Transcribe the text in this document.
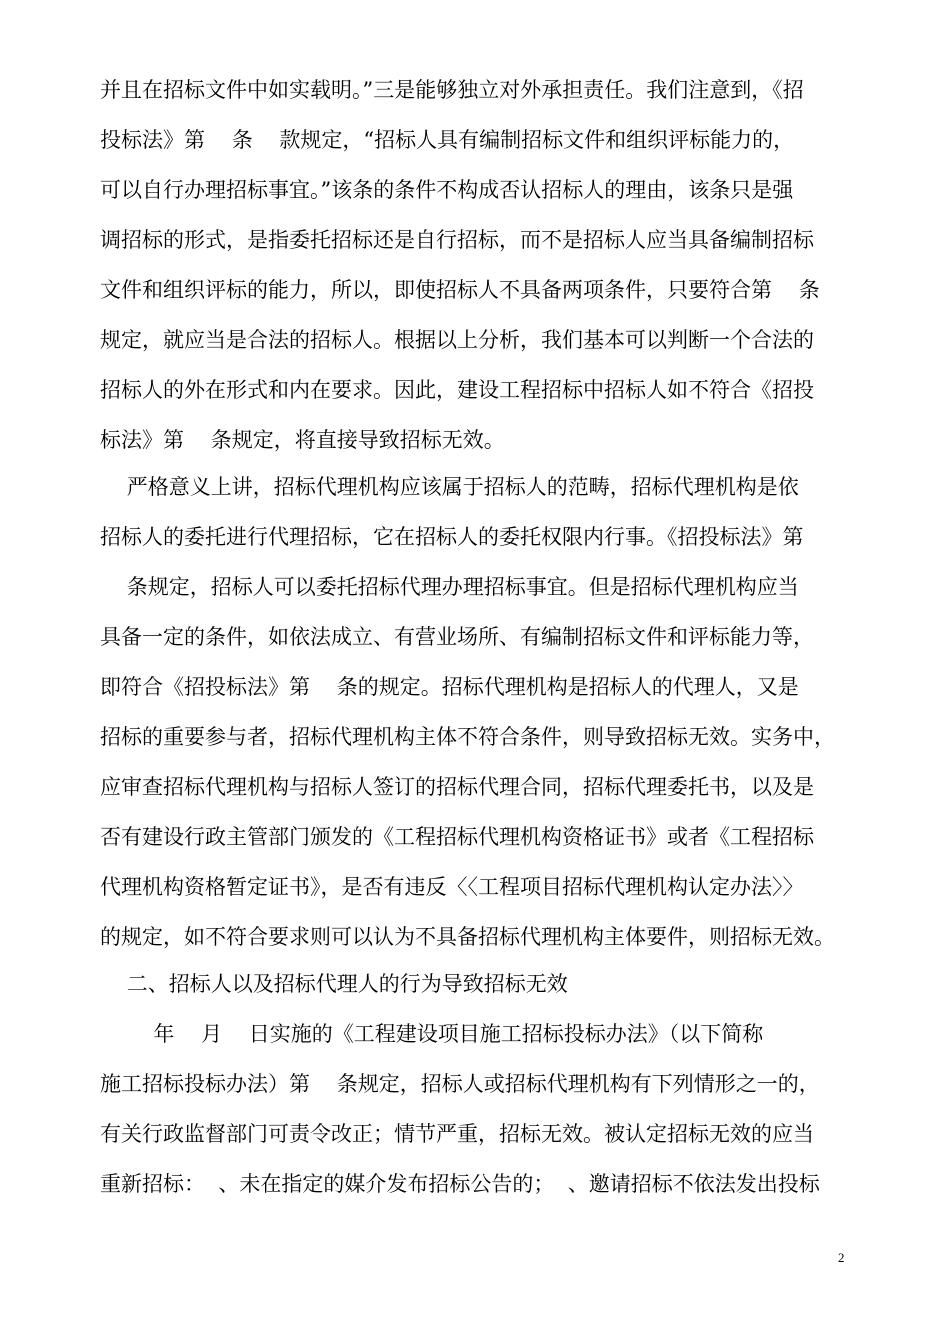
并且在招标文件中如实载明。”三是能够独立对外承担责任。我们注意到，《招
投标法》第    条    款规定，“招标人具有编制招标文件和组织评标能力的，
可以自行办理招标事宜。”该条的条件不构成否认招标人的理由，该条只是强
调招标的形式，是指委托招标还是自行招标，而不是招标人应当具备编制招标
文件和组织评标的能力，所以，即使招标人不具备两项条件，只要符合第    条
规定，就应当是合法的招标人。根据以上分析，我们基本可以判断一个合法的
招标人的外在形式和内在要求。因此，建设工程招标中招标人如不符合《招投
标法》第    条规定，将直接导致招标无效。
严格意义上讲，招标代理机构应该属于招标人的范畴，招标代理机构是依
招标人的委托进行代理招标，它在招标人的委托权限内行事。《招投标法》第
条规定，招标人可以委托招标代理办理招标事宜。但是招标代理机构应当
具备一定的条件，如依法成立、有营业场所、有编制招标文件和评标能力等，
即符合《招投标法》第    条的规定。招标代理机构是招标人的代理人，又是
招标的重要参与者，招标代理机构主体不符合条件，则导致招标无效。实务中，
应审查招标代理机构与招标人签订的招标代理合同，招标代理委托书，以及是
否有建设行政主管部门颁发的《工程招标代理机构资格证书》或者《工程招标
代理机构资格暂定证书》，是否有违反〈〈工程项目招标代理机构认定办法〉〉
的规定，如不符合要求则可以认为不具备招标代理机构主体要件，则招标无效。
二、招标人以及招标代理人的行为导致招标无效
年    月    日实施的《工程建设项目施工招标投标办法》（以下简称
施工招标投标办法）第    条规定，招标人或招标代理机构有下列情形之一的，
有关行政监督部门可责令改正；情节严重，招标无效。被认定招标无效的应当
重新招标：  、未在指定的媒介发布招标公告的；  、邀请招标不依法发出投标
2
